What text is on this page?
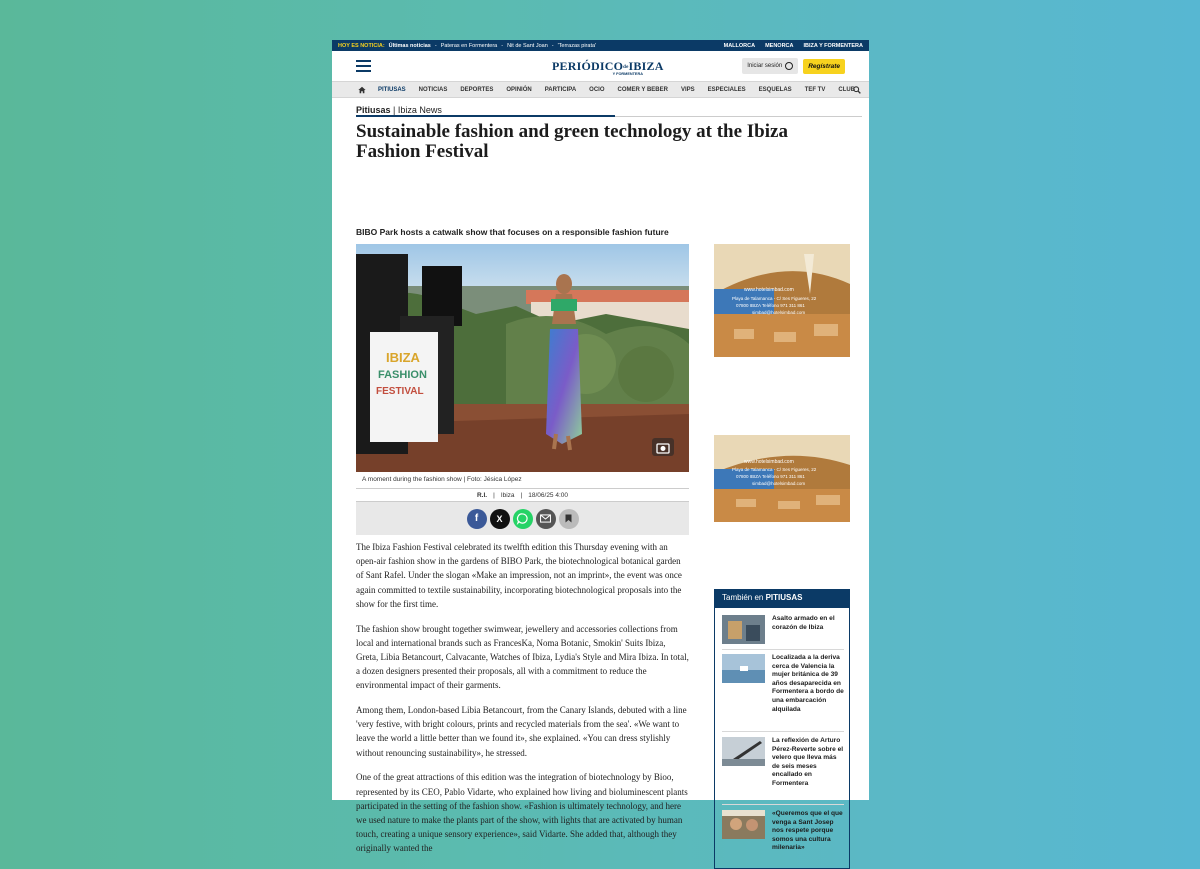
HOY ES NOTICIA: Últimas noticias - Pateras en Formentera - Nit de Sant Joan - 'Terrazas pirata'	MALLORCA MENORCA IBIZA Y FORMENTERA
PERIÓDICOdeIBIZA
Y FORMENTERA
Iniciar sesión	Regístrate
PITIUSAS NOTICIAS DEPORTES OPINIÓN PARTICIPA OCIO COMER Y BEBER VIPS ESPECIALES ESQUELAS TEF TV CLUB
Pitiusas | Ibiza News
Sustainable fashion and green technology at the Ibiza Fashion Festival
BIBO Park hosts a catwalk show that focuses on a responsible fashion future
IBIZA
FASHION
FESTIVAL
A moment during the fashion show | Foto: Jésica López
R.I. | Ibiza | 18/06/25 4:00
f	X

The Ibiza Fashion Festival celebrated its twelfth edition this Thursday evening with an open-air fashion show in the gardens of BIBO Park, the biotechnological botanical garden of Sant Rafel. Under the slogan «Make an impression, not an imprint», the event was once again committed to textile sustainability, incorporating biotechnological proposals into the show for the first time.

The fashion show brought together swimwear, jewellery and accessories collections from local and international brands such as FrancesKa, Noma Botanic, Smokin' Suits Ibiza, Greta, Libia Betancourt, Calvacante, Watches of Ibiza, Lydia's Style and Mira Ibiza. In total, a dozen designers presented their proposals, all with a commitment to reduce the environmental impact of their garments.

Among them, London-based Libia Betancourt, from the Canary Islands, debuted with a line 'very festive, with bright colours, prints and recycled materials from the sea'. «We want to leave the world a little better than we found it», she explained. «You can dress stylishly without renouncing sustainability», he stressed.

One of the great attractions of this edition was the integration of biotechnology by Bioo, represented by its CEO, Pablo Vidarte, who explained how living and bioluminescent plants participated in the setting of the fashion show. «Fashion is ultimately technology, and here we used nature to make the plants part of the show, with lights that are activated by human touch, creating a unique sensory experience», said Vidarte. She added that, although they originally wanted the

www.hotelsimbad.com
Playa de Talamanca - C/ Ses Figueres, 22
07800 IBIZA Teléfono 971 311 861
simbad@hotelsimbad.com
www.hotelsimbad.com
Playa de Talamanca - C/ Ses Figueres, 22
07800 IBIZA Teléfono 971 311 861
simbad@hotelsimbad.com
También en PITIUSAS
Asalto armado en el corazón de Ibiza
Localizada a la deriva cerca de Valencia la mujer británica de 39 años desaparecida en Formentera a bordo de una embarcación alquilada
La reflexión de Arturo Pérez-Reverte sobre el velero que lleva más de seis meses encallado en Formentera
«Queremos que el que venga a Sant Josep nos respete porque somos una cultura milenaria»
